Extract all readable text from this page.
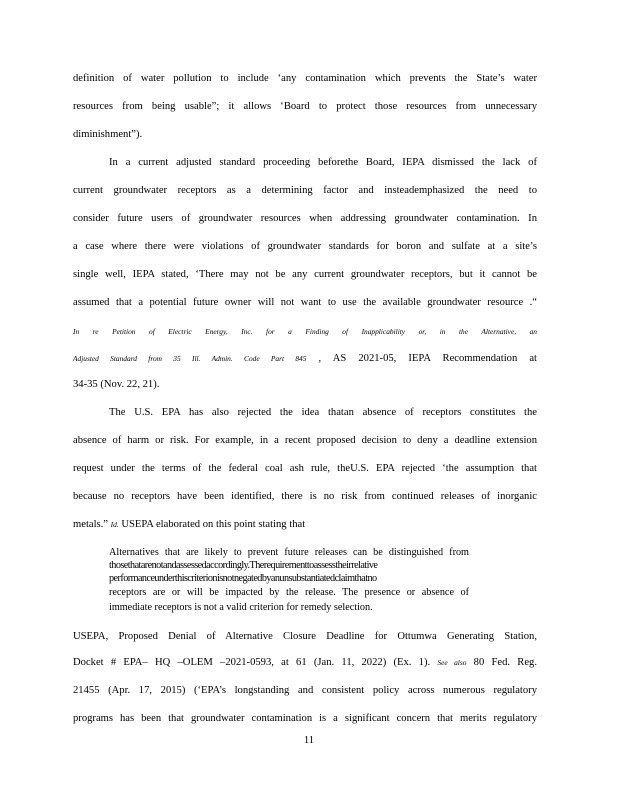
definition of water pollution to include ‘any contamination which prevents the State’s water
resources from being usable”; it allows ‘Board to protect those resources from unnecessary
diminishment”).
In a current adjusted standard proceeding beforethe Board, IEPA dismissed the lack of
current groundwater receptors as a determining factor and insteademphasized the need to
consider future users of groundwater resources when addressing groundwater contamination. In
a case where there were violations of groundwater standards for boron and sulfate at a site’s
single well, IEPA stated, ‘There may not be any current groundwater receptors, but it cannot be
assumed that a potential future owner will not want to use the available groundwater resource .“
In re Petition of Electric Energy, Inc. for a Finding of Inapplicability or, in the Alternative, an
Adjusted Standard from 35 Ill. Admin. Code Part 845 , AS 2021-05, IEPA Recommendation at
34-35 (Nov. 22, 21).
The U.S. EPA has also rejected the idea thatan absence of receptors constitutes the
absence of harm or risk. For example, in a recent proposed decision to deny a deadline extension
request under the terms of the federal coal ash rule, theU.S. EPA rejected ‘the assumption that
because no receptors have been identified, there is no risk from continued releases of inorganic
metals.” Id. USEPA elaborated on this point stating that
Alternatives that are likely to prevent future releases can be distinguished from
thosethatarenotandassessedaccordingly.Therequirementtoassesstheirrelative
performanceunderthiscriterionisnotnegatedbyanunsubstantiatedclaimthatno
receptors are or will be impacted by the release. The presence or absence of
immediate receptors is not a valid criterion for remedy selection.
USEPA, Proposed Denial of Alternative Closure Deadline for Ottumwa Generating Station,
Docket # EPA– HQ –OLEM –2021-0593, at 61 (Jan. 11, 2022) (Ex. 1). See also 80 Fed. Reg.
21455 (Apr. 17, 2015) (‘EPA’s longstanding and consistent policy across numerous regulatory
programs has been that groundwater contamination is a significant concern that merits regulatory
11
